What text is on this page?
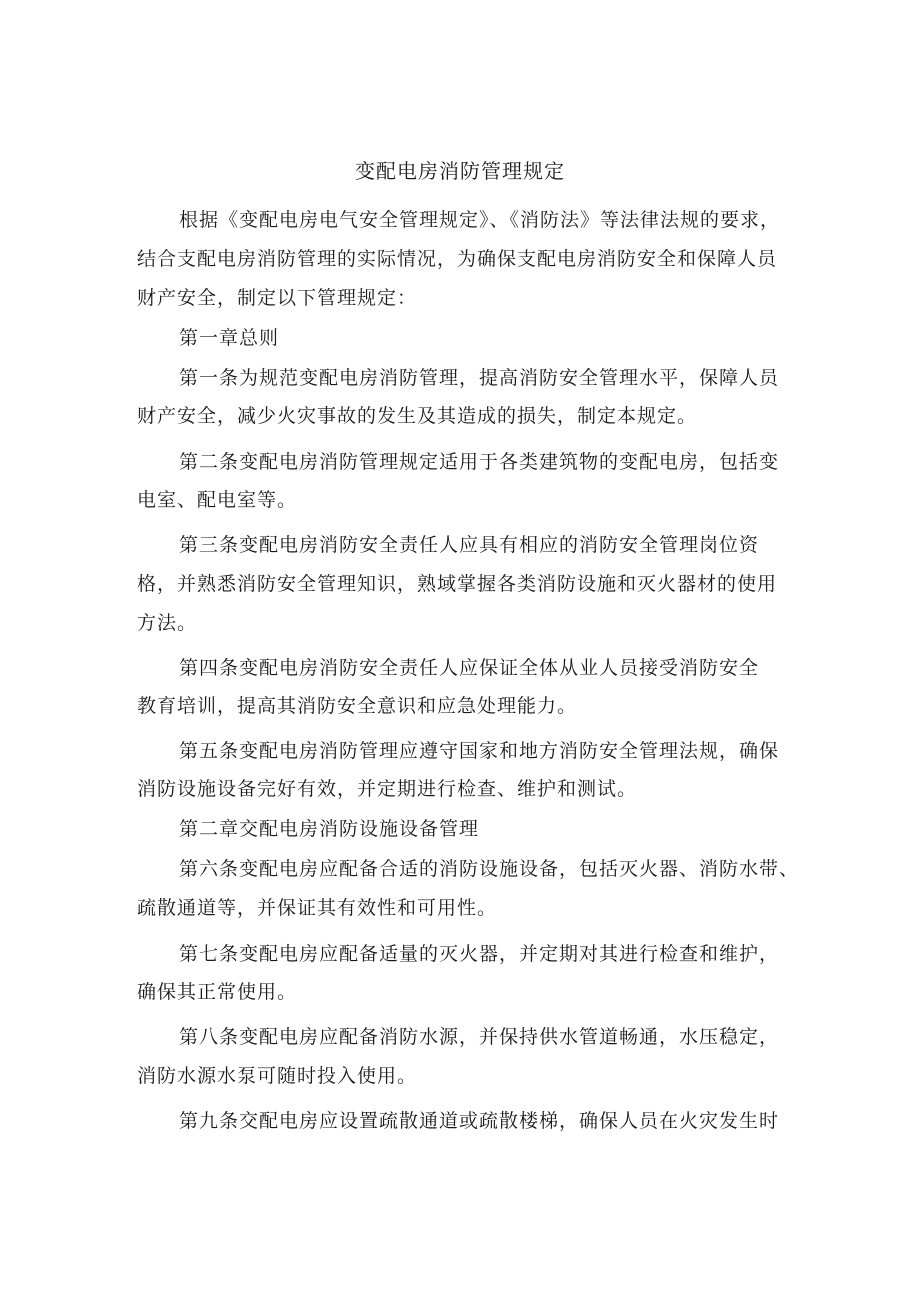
变配电房消防管理规定
根据《变配电房电气安全管理规定》、《消防法》等法律法规的要求，
结合支配电房消防管理的实际情况，为确保支配电房消防安全和保障人员
财产安全，制定以下管理规定：
第一章总则
第一条为规范变配电房消防管理，提高消防安全管理水平，保障人员
财产安全，减少火灾事故的发生及其造成的损失，制定本规定。
第二条变配电房消防管理规定适用于各类建筑物的变配电房，包括变
电室、配电室等。
第三条变配电房消防安全责任人应具有相应的消防安全管理岗位资
格，并熟悉消防安全管理知识，熟域掌握各类消防设施和灭火器材的使用
方法。
第四条变配电房消防安全责任人应保证全体从业人员接受消防安全
教育培训，提高其消防安全意识和应急处理能力。
第五条变配电房消防管理应遵守国家和地方消防安全管理法规，确保
消防设施设备完好有效，并定期进行检查、维护和测试。
第二章交配电房消防设施设备管理
第六条变配电房应配备合适的消防设施设备，包括灭火器、消防水带、
疏散通道等，并保证其有效性和可用性。
第七条变配电房应配备适量的灭火器，并定期对其进行检查和维护，
确保其正常使用。
第八条变配电房应配备消防水源，并保持供水管道畅通，水压稳定，
消防水源水泵可随时投入使用。
第九条交配电房应设置疏散通道或疏散楼梯，确保人员在火灾发生时
